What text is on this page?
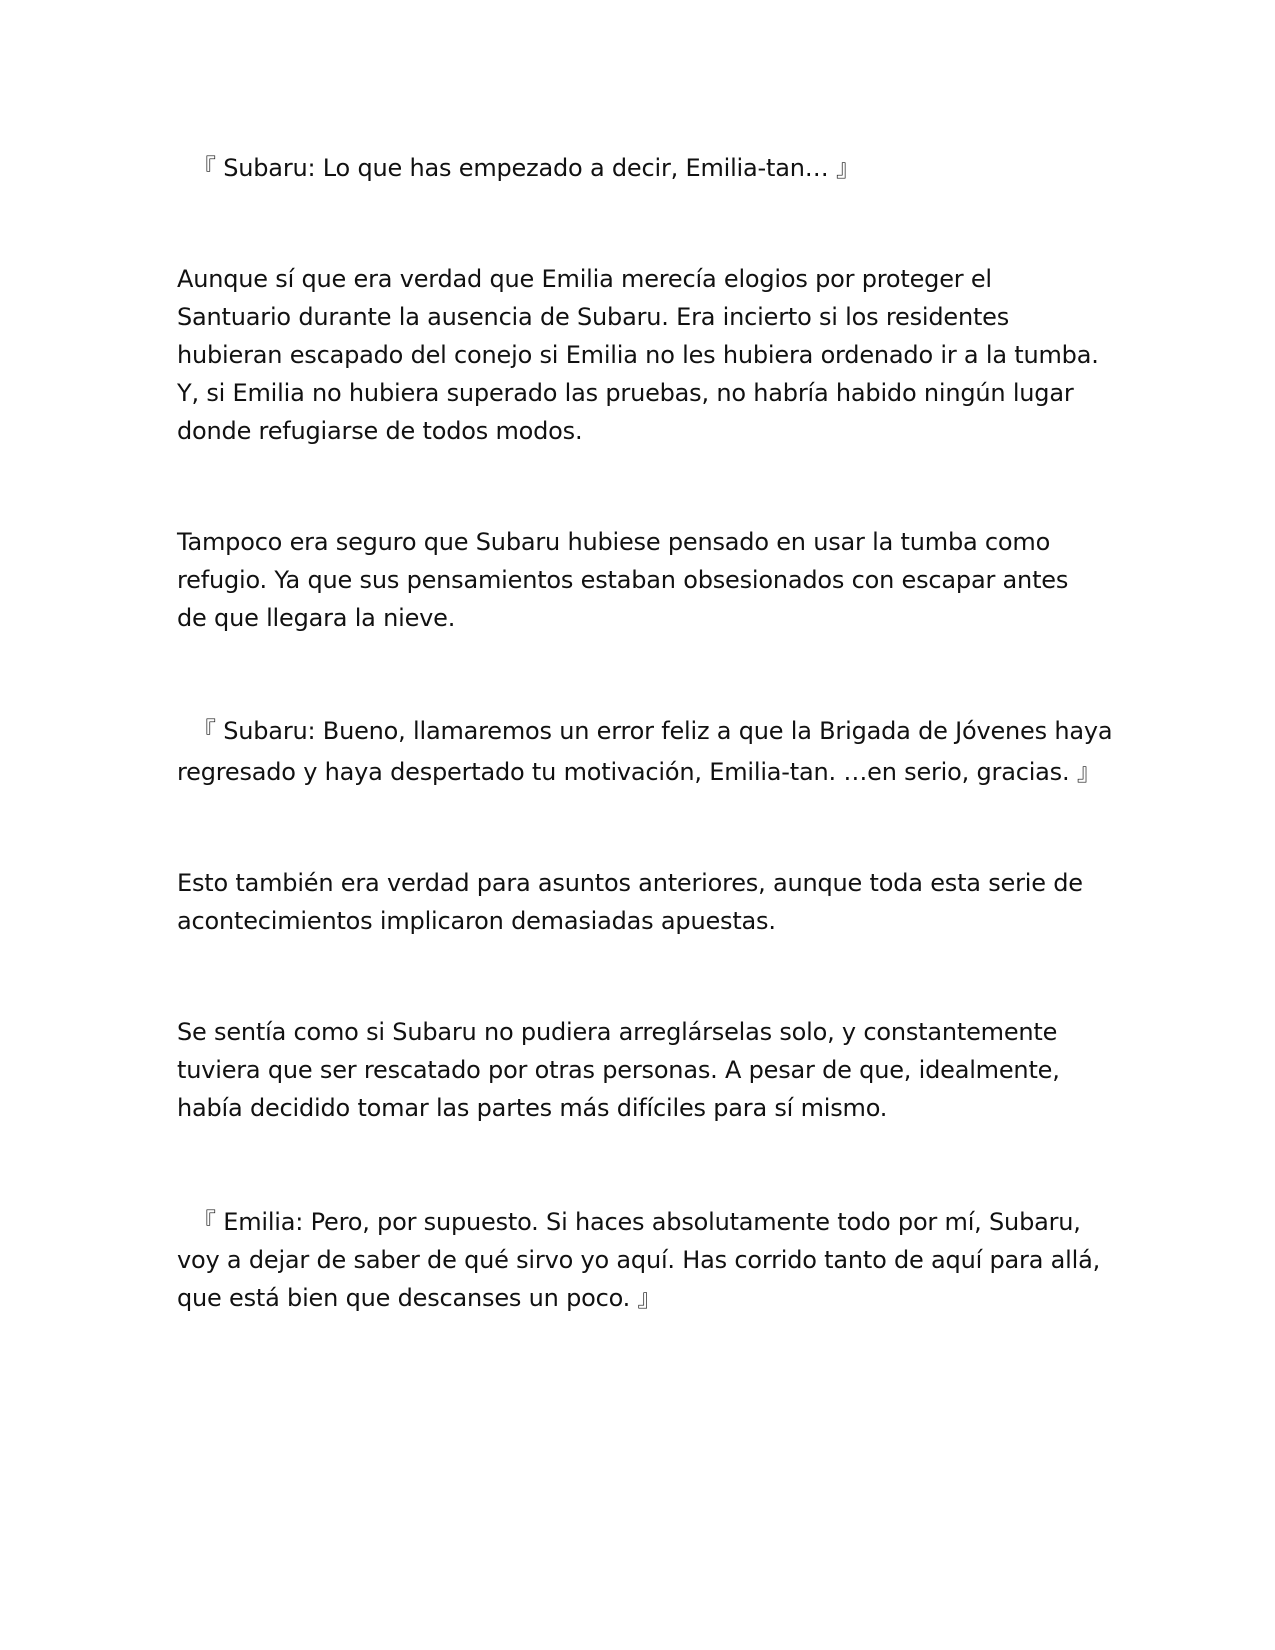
『 Subaru: Lo que has empezado a decir, Emilia-tan… 』

Aunque sí que era verdad que Emilia merecía elogios por proteger el
Santuario durante la ausencia de Subaru. Era incierto si los residentes
hubieran escapado del conejo si Emilia no les hubiera ordenado ir a la tumba.
Y, si Emilia no hubiera superado las pruebas, no habría habido ningún lugar
donde refugiarse de todos modos.

Tampoco era seguro que Subaru hubiese pensado en usar la tumba como
refugio. Ya que sus pensamientos estaban obsesionados con escapar antes
de que llegara la nieve.

『 Subaru: Bueno, llamaremos un error feliz a que la Brigada de Jóvenes haya
regresado y haya despertado tu motivación, Emilia-tan. …en serio, gracias. 』

Esto también era verdad para asuntos anteriores, aunque toda esta serie de
acontecimientos implicaron demasiadas apuestas.

Se sentía como si Subaru no pudiera arreglárselas solo, y constantemente
tuviera que ser rescatado por otras personas. A pesar de que, idealmente,
había decidido tomar las partes más difíciles para sí mismo.

『 Emilia: Pero, por supuesto. Si haces absolutamente todo por mí, Subaru,
voy a dejar de saber de qué sirvo yo aquí. Has corrido tanto de aquí para allá,
que está bien que descanses un poco. 』
